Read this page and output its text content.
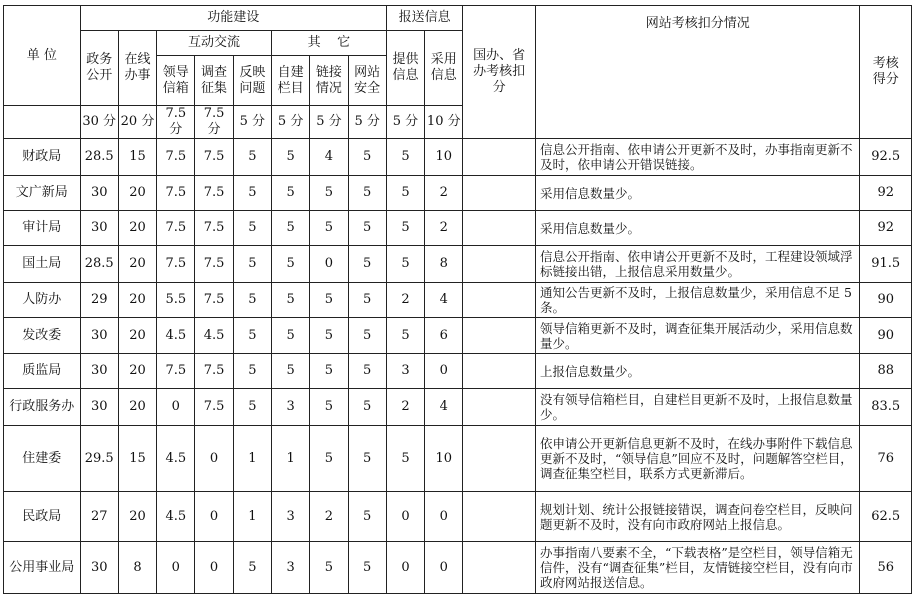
单 位	功能建设								报送信息		国办、省办考核扣分	网站考核扣分情况	考核得分
	政务公开	在线办事	互动交流			其    它			提供信息	采用信息			
			领导信箱	调查征集	反映问题	自建栏目	链接情况	网站安全					
	30 分	20 分	7.5 分	7.5 分	5 分	5 分	5 分	5 分	5 分	10 分			
财政局	28.5	15	7.5	7.5	5	5	4	5	5	10		信息公开指南、依申请公开更新不及时，办事指南更新不及时，依申请公开错误链接。	92.5
文广新局	30	20	7.5	7.5	5	5	5	5	5	2		采用信息数量少。	92
审计局	30	20	7.5	7.5	5	5	5	5	5	2		采用信息数量少。	92
国土局	28.5	20	7.5	7.5	5	5	0	5	5	8		信息公开指南、依申请公开更新不及时，工程建设领域浮标链接出错，上报信息采用数量少。	91.5
人防办	29	20	5.5	7.5	5	5	5	5	2	4		通知公告更新不及时，上报信息数量少，采用信息不足 5 条。	90
发改委	30	20	4.5	4.5	5	5	5	5	5	6		领导信箱更新不及时，调查征集开展活动少，采用信息数量少。	90
质监局	30	20	7.5	7.5	5	5	5	5	3	0		上报信息数量少。	88
行政服务办	30	20	0	7.5	5	3	5	5	2	4		没有领导信箱栏目，自建栏目更新不及时，上报信息数量少。	83.5
住建委	29.5	15	4.5	0	1	1	5	5	5	10		依申请公开更新信息更新不及时，在线办事附件下载信息更新不及时，“领导信息”回应不及时，问题解答空栏目，调查征集空栏目，联系方式更新滞后。	76
民政局	27	20	4.5	0	1	3	2	5	0	0		规划计划、统计公报链接错误，调查问卷空栏目，反映问题更新不及时，没有向市政府网站上报信息。	62.5
公用事业局	30	8	0	0	5	3	5	5	0	0		办事指南八要素不全，“下载表格”是空栏目，领导信箱无信件，没有“调查征集”栏目，友情链接空栏目，没有向市政府网站报送信息。	56
